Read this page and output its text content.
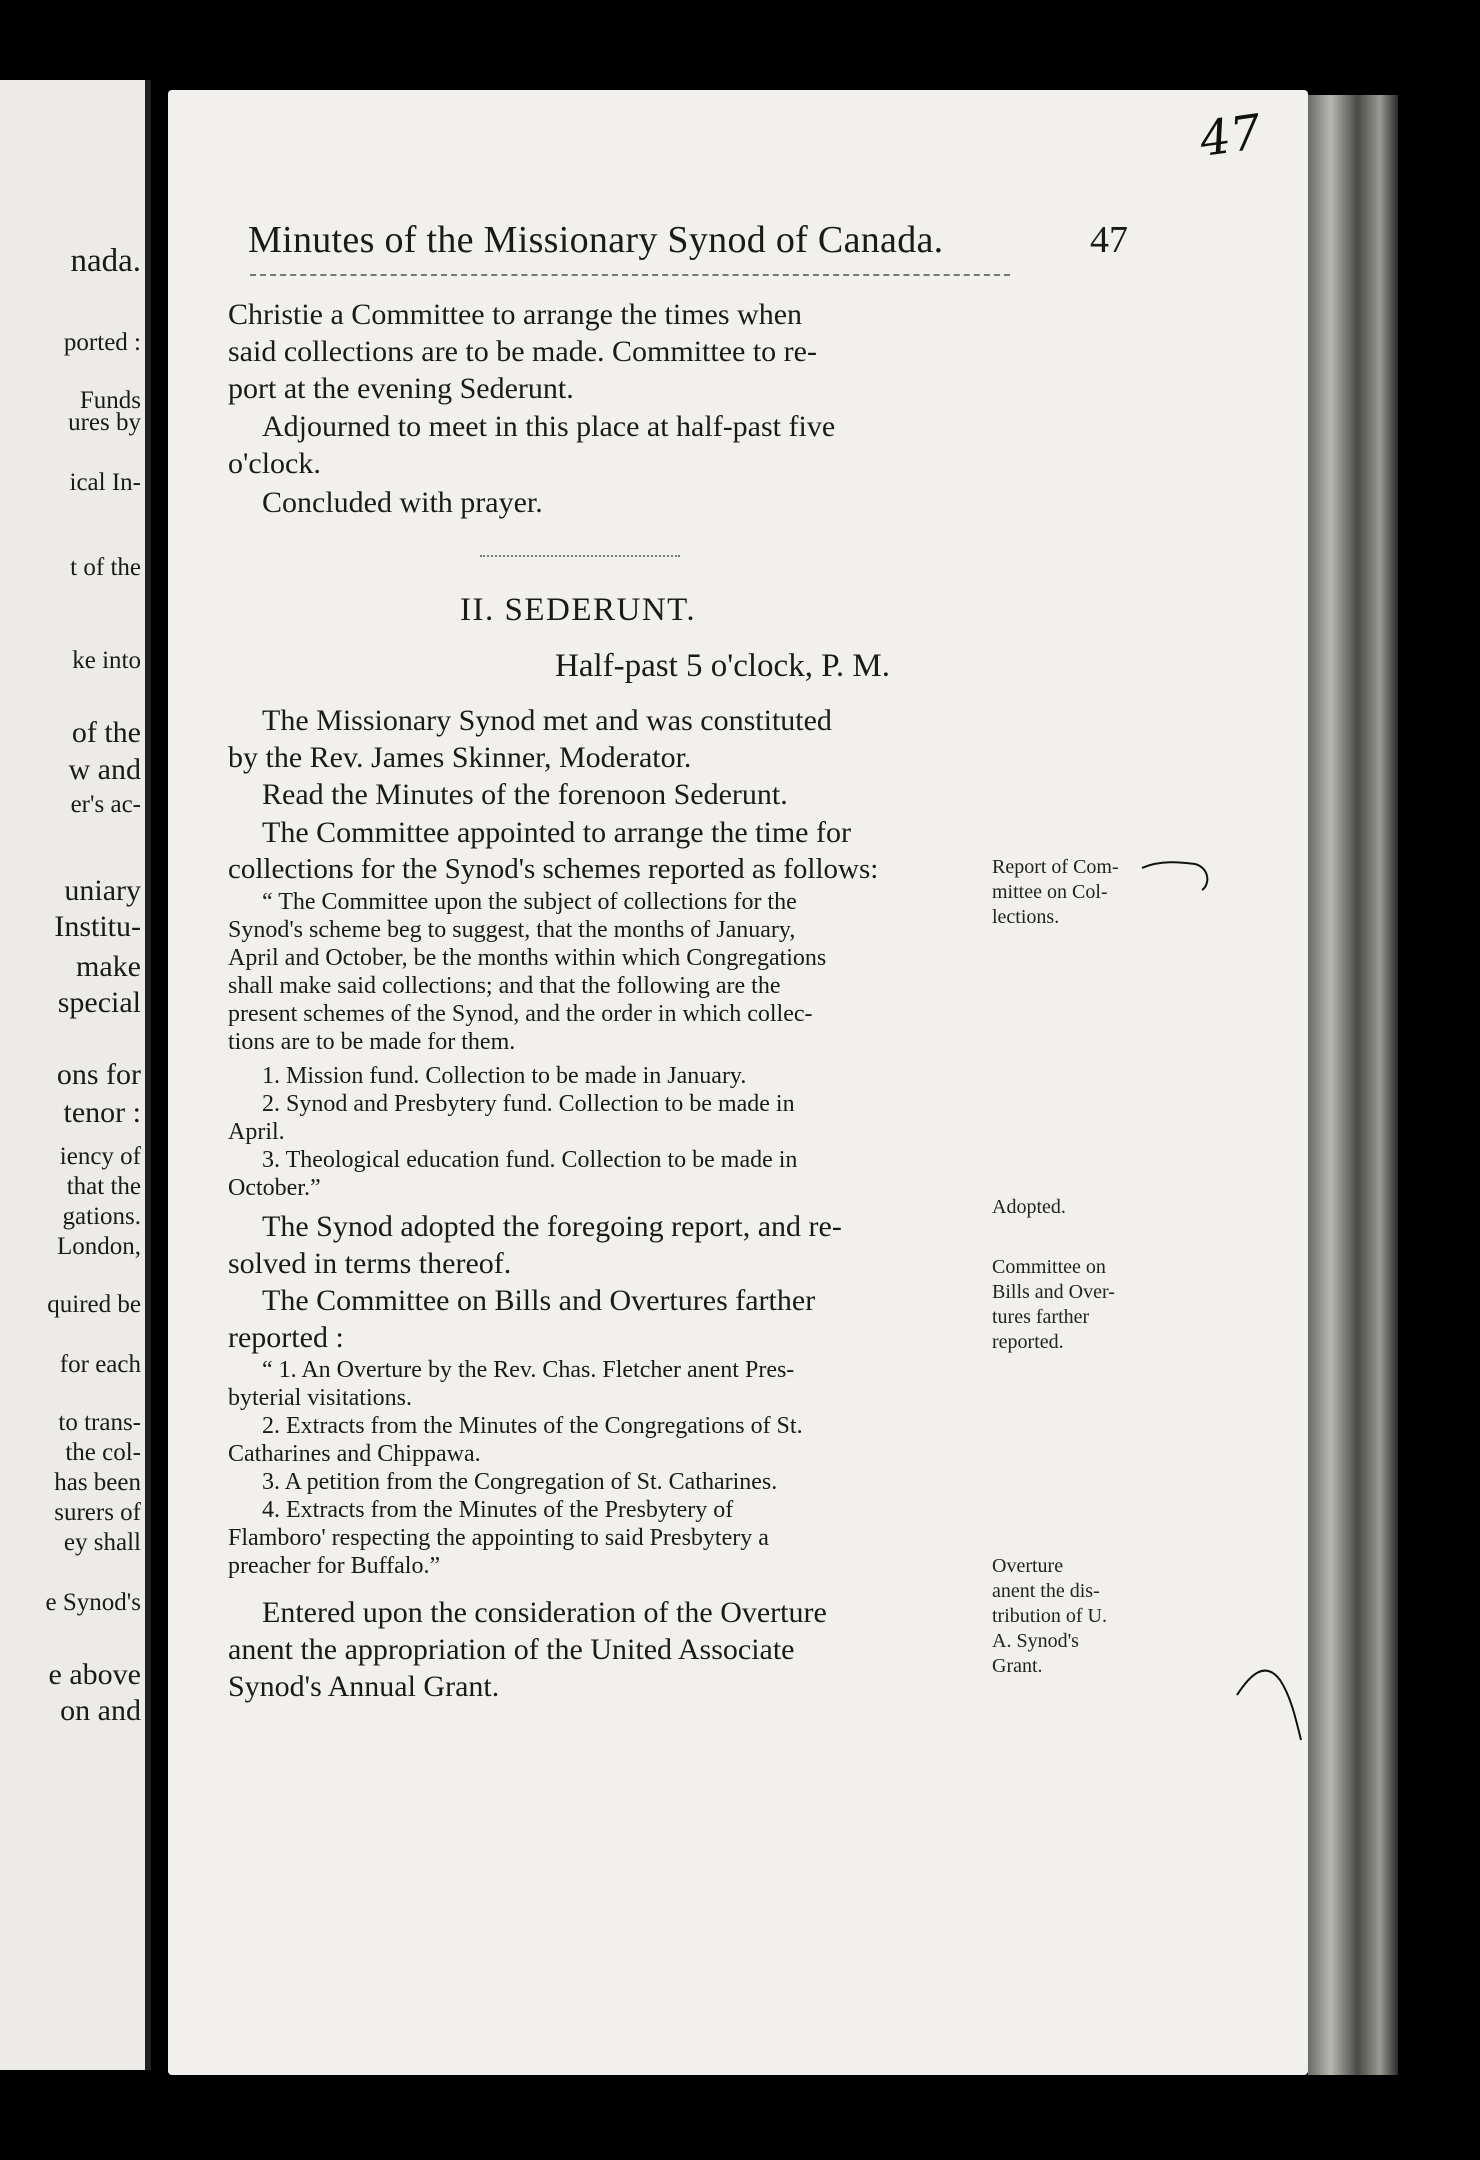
nada.
ported :
Funds
ures by
ical In-
t of the
ke into
of the
w and
er's ac-
uniary
Institu-
make
special
ons for
tenor :
iency of
that the
gations.
London,
quired be
for each
to trans-
the col-
has been
surers of
ey shall
e Synod's
e above
on and
47
Minutes of the Missionary Synod of Canada.	47
Christie a Committee to arrange the times when
said collections are to be made. Committee to re-
port at the evening Sederunt.
Adjourned to meet in this place at half-past five
o'clock.
Concluded with prayer.
II. SEDERUNT.
Half-past 5 o'clock, P. M.
The Missionary Synod met and was constituted
by the Rev. James Skinner, Moderator.
Read the Minutes of the forenoon Sederunt.
The Committee appointed to arrange the time for
collections for the Synod's schemes reported as follows:
“ The Committee upon the subject of collections for the
Synod's scheme beg to suggest, that the months of January,
April and October, be the months within which Congregations
shall make said collections; and that the following are the
present schemes of the Synod, and the order in which collec-
tions are to be made for them.
1. Mission fund. Collection to be made in January.
2. Synod and Presbytery fund. Collection to be made in
April.
3. Theological education fund. Collection to be made in
October.”
The Synod adopted the foregoing report, and re-
solved in terms thereof.
The Committee on Bills and Overtures farther
reported :
“ 1. An Overture by the Rev. Chas. Fletcher anent Pres-
byterial visitations.
2. Extracts from the Minutes of the Congregations of St.
Catharines and Chippawa.
3. A petition from the Congregation of St. Catharines.
4. Extracts from the Minutes of the Presbytery of
Flamboro' respecting the appointing to said Presbytery a
preacher for Buffalo.”
Entered upon the consideration of the Overture
anent the appropriation of the United Associate
Synod's Annual Grant.
Report of Com-
mittee on Col-
lections.
Adopted.
Committee on
Bills and Over-
tures farther
reported.
Overture
anent the dis-
tribution of U.
A. Synod's
Grant.
